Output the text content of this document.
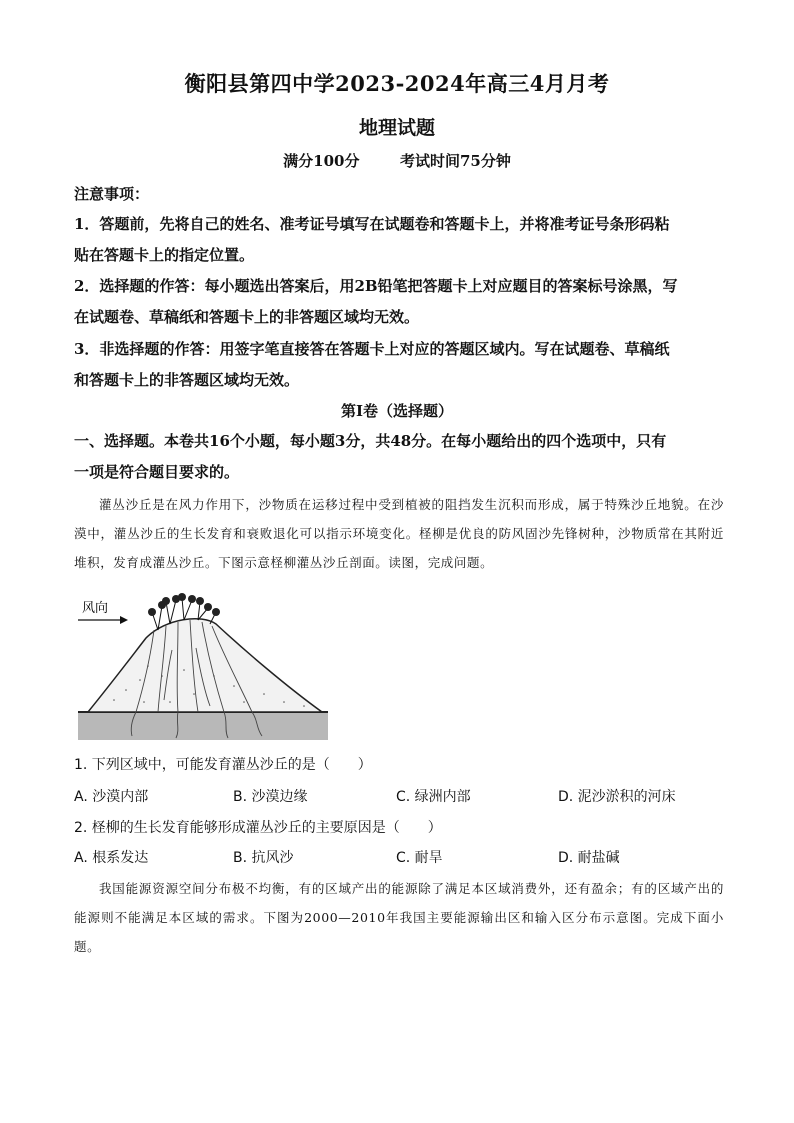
衡阳县第四中学2023-2024年高三4月月考
地理试题
满分100分	考试时间75分钟
注意事项：
1．答题前，先将自己的姓名、准考证号填写在试题卷和答题卡上，并将准考证号条形码粘
贴在答题卡上的指定位置。
2．选择题的作答：每小题选出答案后，用2B铅笔把答题卡上对应题目的答案标号涂黑，写
在试题卷、草稿纸和答题卡上的非答题区域均无效。
3．非选择题的作答：用签字笔直接答在答题卡上对应的答题区域内。写在试题卷、草稿纸
和答题卡上的非答题区域均无效。
第Ⅰ卷（选择题）
一、选择题。本卷共16个小题，每小题3分，共48分。在每小题给出的四个选项中，只有
一项是符合题目要求的。
灌丛沙丘是在风力作用下，沙物质在运移过程中受到植被的阻挡发生沉积而形成，属于特殊沙丘地貌。在沙漠中，灌丛沙丘的生长发育和衰败退化可以指示环境变化。柽柳是优良的防风固沙先锋树种，沙物质常在其附近堆积，发育成灌丛沙丘。下图示意柽柳灌丛沙丘剖面。读图，完成问题。
风向
1. 下列区域中，可能发育灌丛沙丘的是（　　）
A. 沙漠内部	B. 沙漠边缘	C. 绿洲内部	D. 泥沙淤积的河床
2. 柽柳的生长发育能够形成灌丛沙丘的主要原因是（　　）
A. 根系发达	B. 抗风沙	C. 耐旱	D. 耐盐碱
我国能源资源空间分布极不均衡，有的区域产出的能源除了满足本区域消费外，还有盈余；有的区域产出的能源则不能满足本区域的需求。下图为2000—2010年我国主要能源输出区和输入区分布示意图。完成下面小题。
